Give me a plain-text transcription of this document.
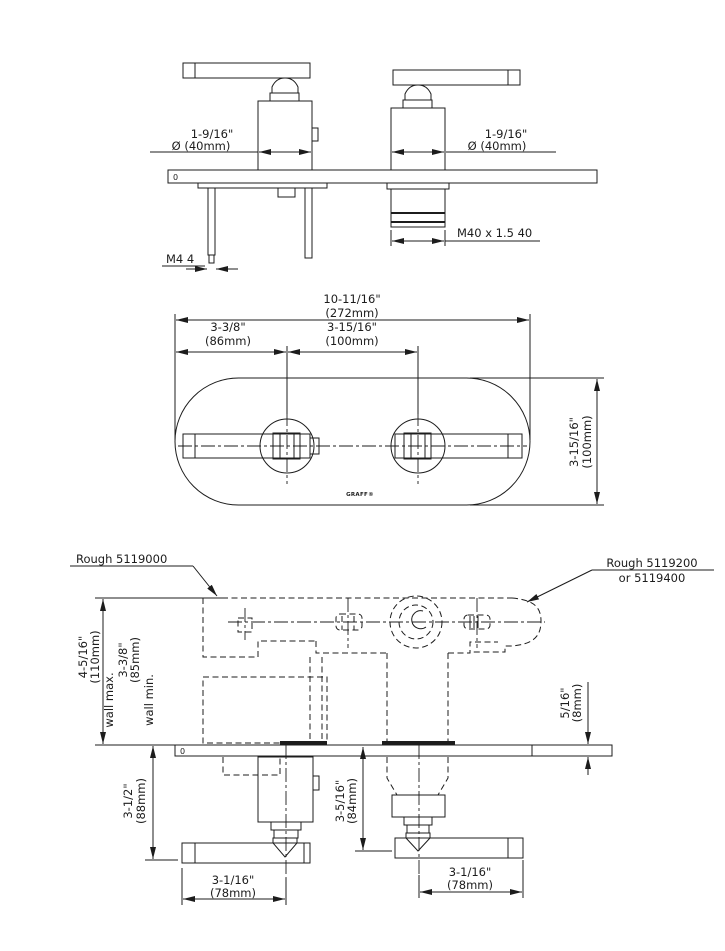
0
1-9/16"
Ø (40mm)
1-9/16"
Ø (40mm)
M4 4
M40 x 1.5 40
GRAFF®
10-11/16"
(272mm)
3-3/8"
(86mm)
3-15/16"
(100mm)
3-15/16" (100mm)
Rough 5119000	Rough 5119200
or 5119400
0
4-5/16"
(110mm)
wall max.
3-3/8"
(85mm)
wall min.
3-1/2" (88mm)	3-5/16"
(84mm)
5/16"
(8mm)
3-1/16"
(78mm)
3-1/16"
(78mm)
